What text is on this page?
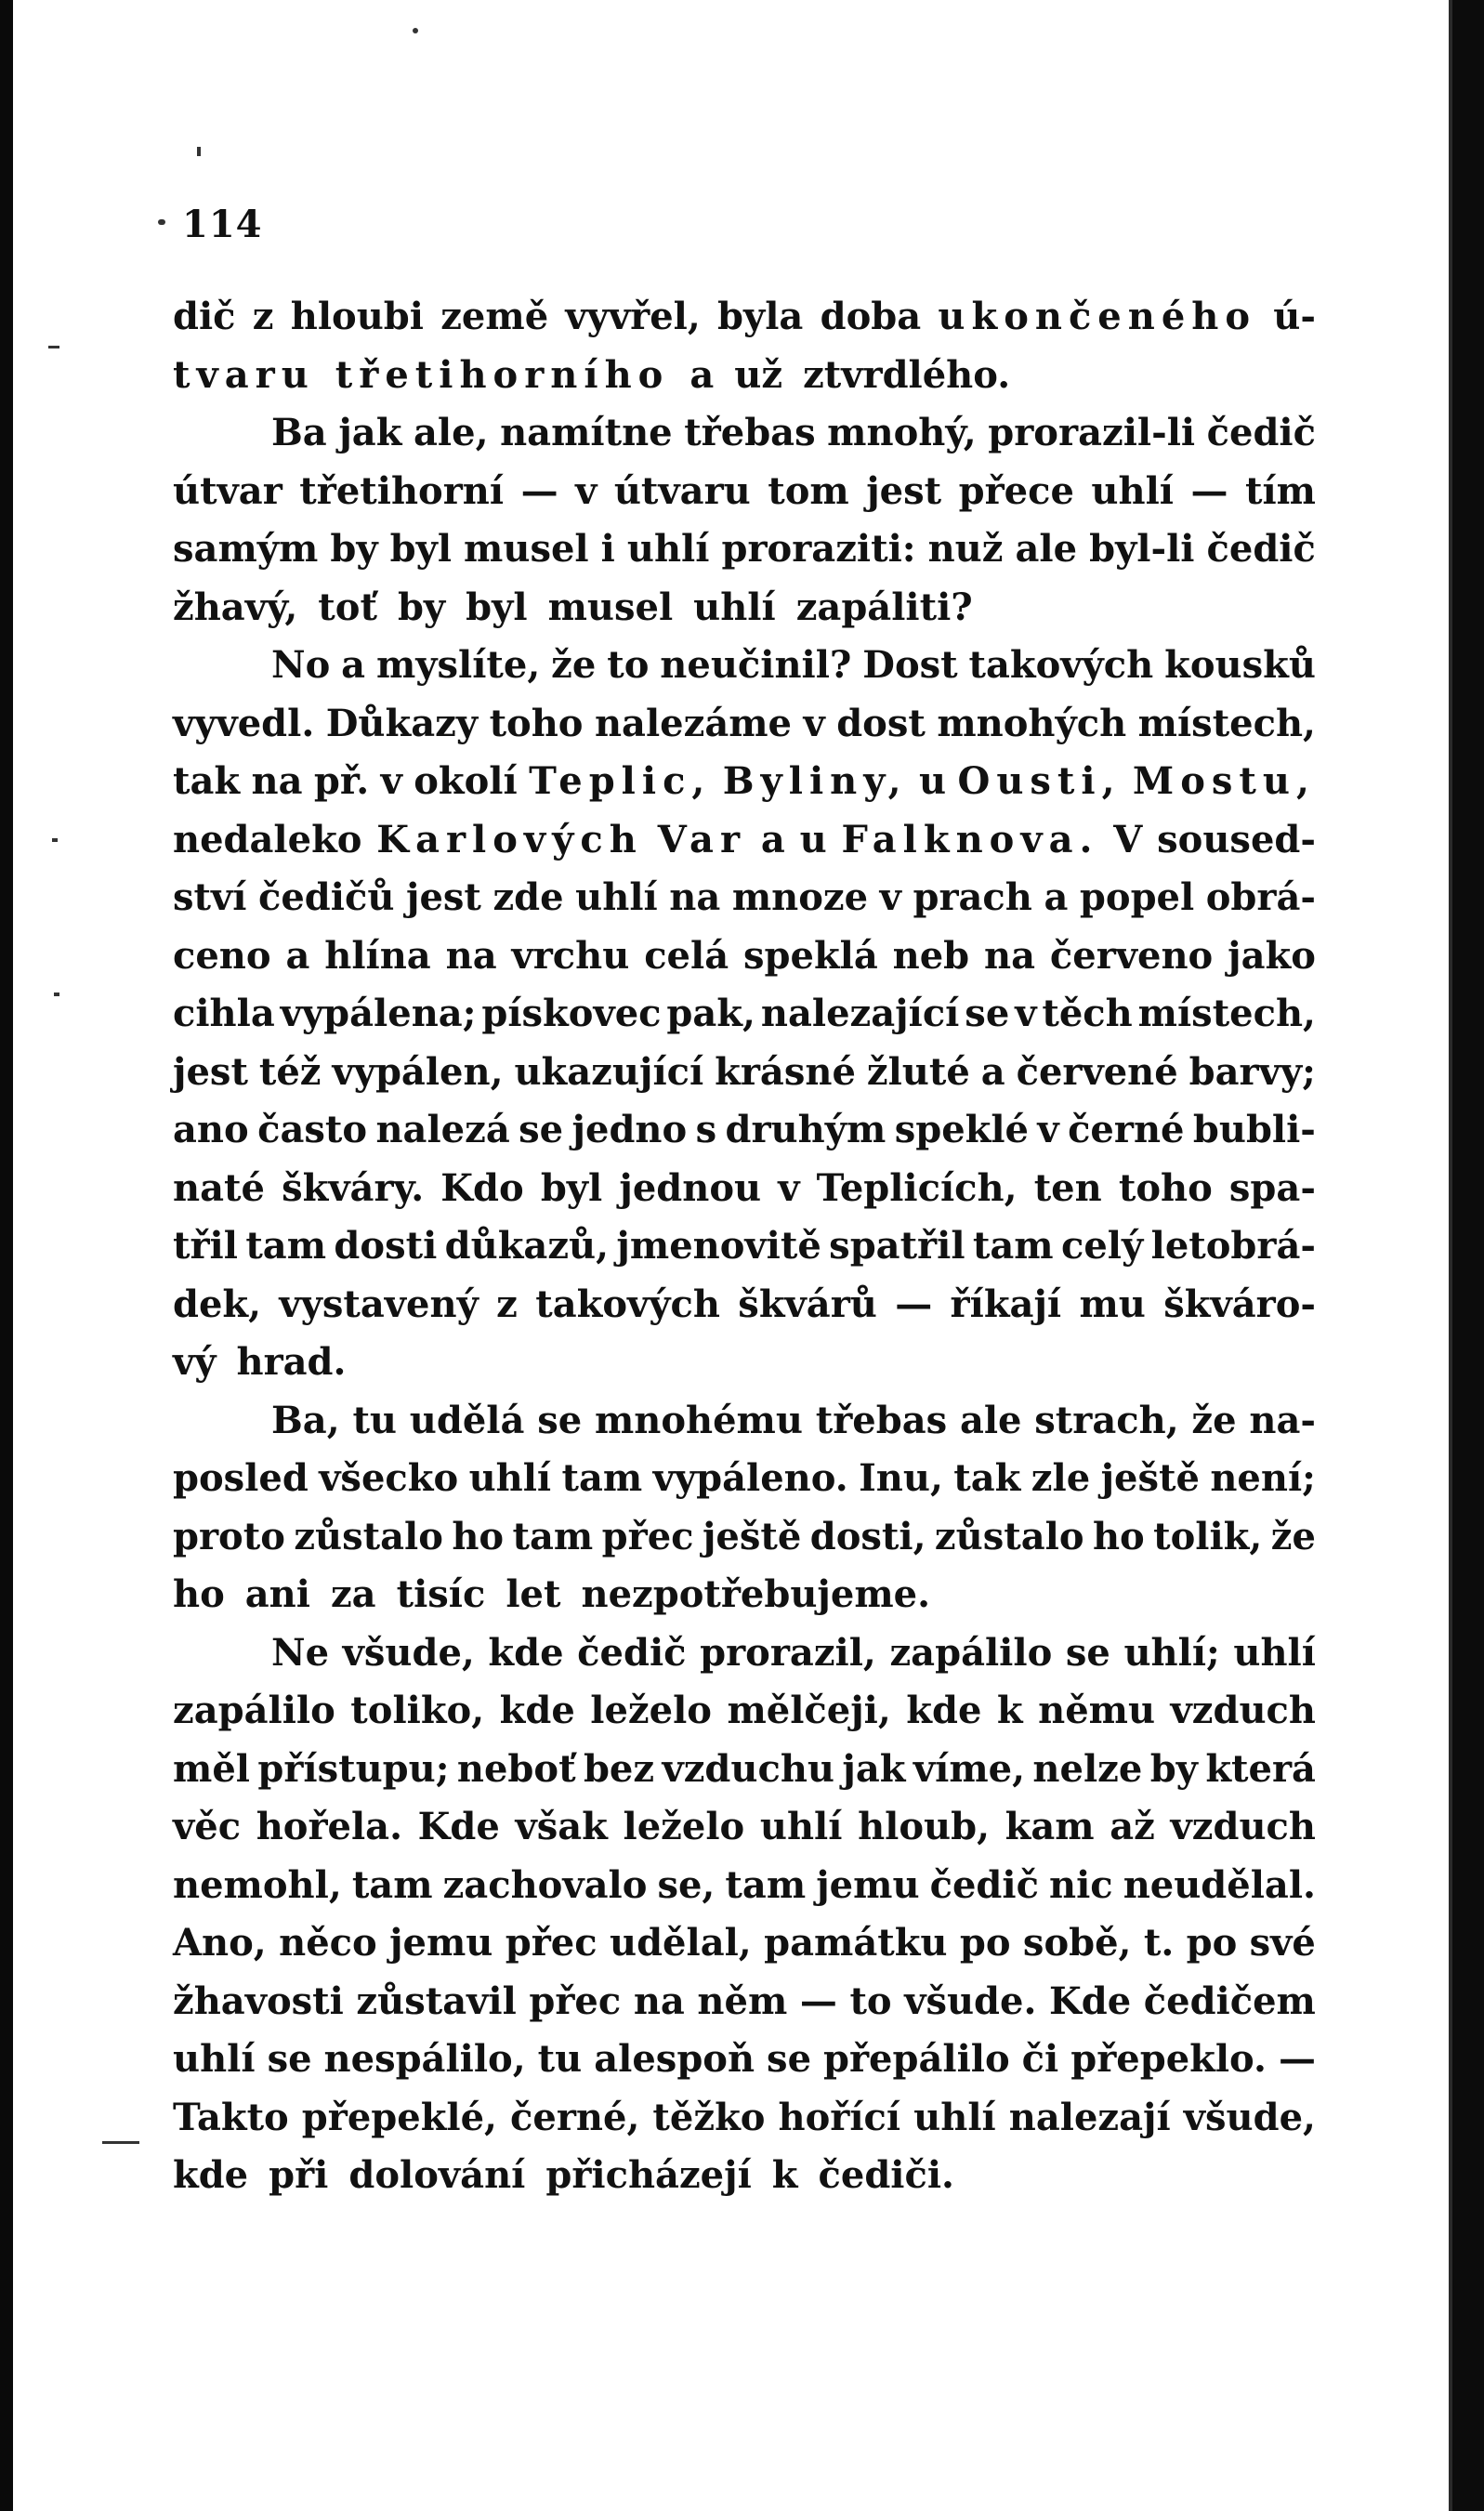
114
dič z hloubi země vyvřel, byla doba ukončeného ú-
tvaru třetihorního a už ztvrdlého.
Ba jak ale, namítne třebas mnohý, prorazil-li čedič
útvar třetihorní — v útvaru tom jest přece uhlí — tím
samým by byl musel i uhlí proraziti: nuž ale byl-li čedič
žhavý, toť by byl musel uhlí zapáliti?
No a myslíte, že to neučinil? Dost takových kousků
vyvedl. Důkazy toho nalezáme v dost mnohých místech,
tak na př. v okolí Teplic, Byliny, u Ousti, Mostu,
nedaleko Karlových Var a u Falknova. V soused-
ství čedičů jest zde uhlí na mnoze v prach a popel obrá-
ceno a hlína na vrchu celá speklá neb na červeno jako
cihla vypálena; pískovec pak, nalezající se v těch místech,
jest též vypálen, ukazující krásné žluté a červené barvy;
ano často nalezá se jedno s druhým speklé v černé bubli-
naté škváry. Kdo byl jednou v Teplicích, ten toho spa-
třil tam dosti důkazů, jmenovitě spatřil tam celý letobrá-
dek, vystavený z takových škvárů — říkají mu škváro-
vý hrad.
Ba, tu udělá se mnohému třebas ale strach, že na-
posled všecko uhlí tam vypáleno. Inu, tak zle ještě není;
proto zůstalo ho tam přec ještě dosti, zůstalo ho tolik, že
ho ani za tisíc let nezpotřebujeme.
Ne všude, kde čedič prorazil, zapálilo se uhlí; uhlí
zapálilo toliko, kde leželo mělčeji, kde k němu vzduch
měl přístupu; neboť bez vzduchu jak víme, nelze by která
věc hořela. Kde však leželo uhlí hloub, kam až vzduch
nemohl, tam zachovalo se, tam jemu čedič nic neudělal.
Ano, něco jemu přec udělal, památku po sobě, t. po své
žhavosti zůstavil přec na něm — to všude. Kde čedičem
uhlí se nespálilo, tu alespoň se přepálilo či přepeklo. —
Takto přepeklé, černé, těžko hořící uhlí nalezají všude,
kde při dolování přicházejí k čediči.
